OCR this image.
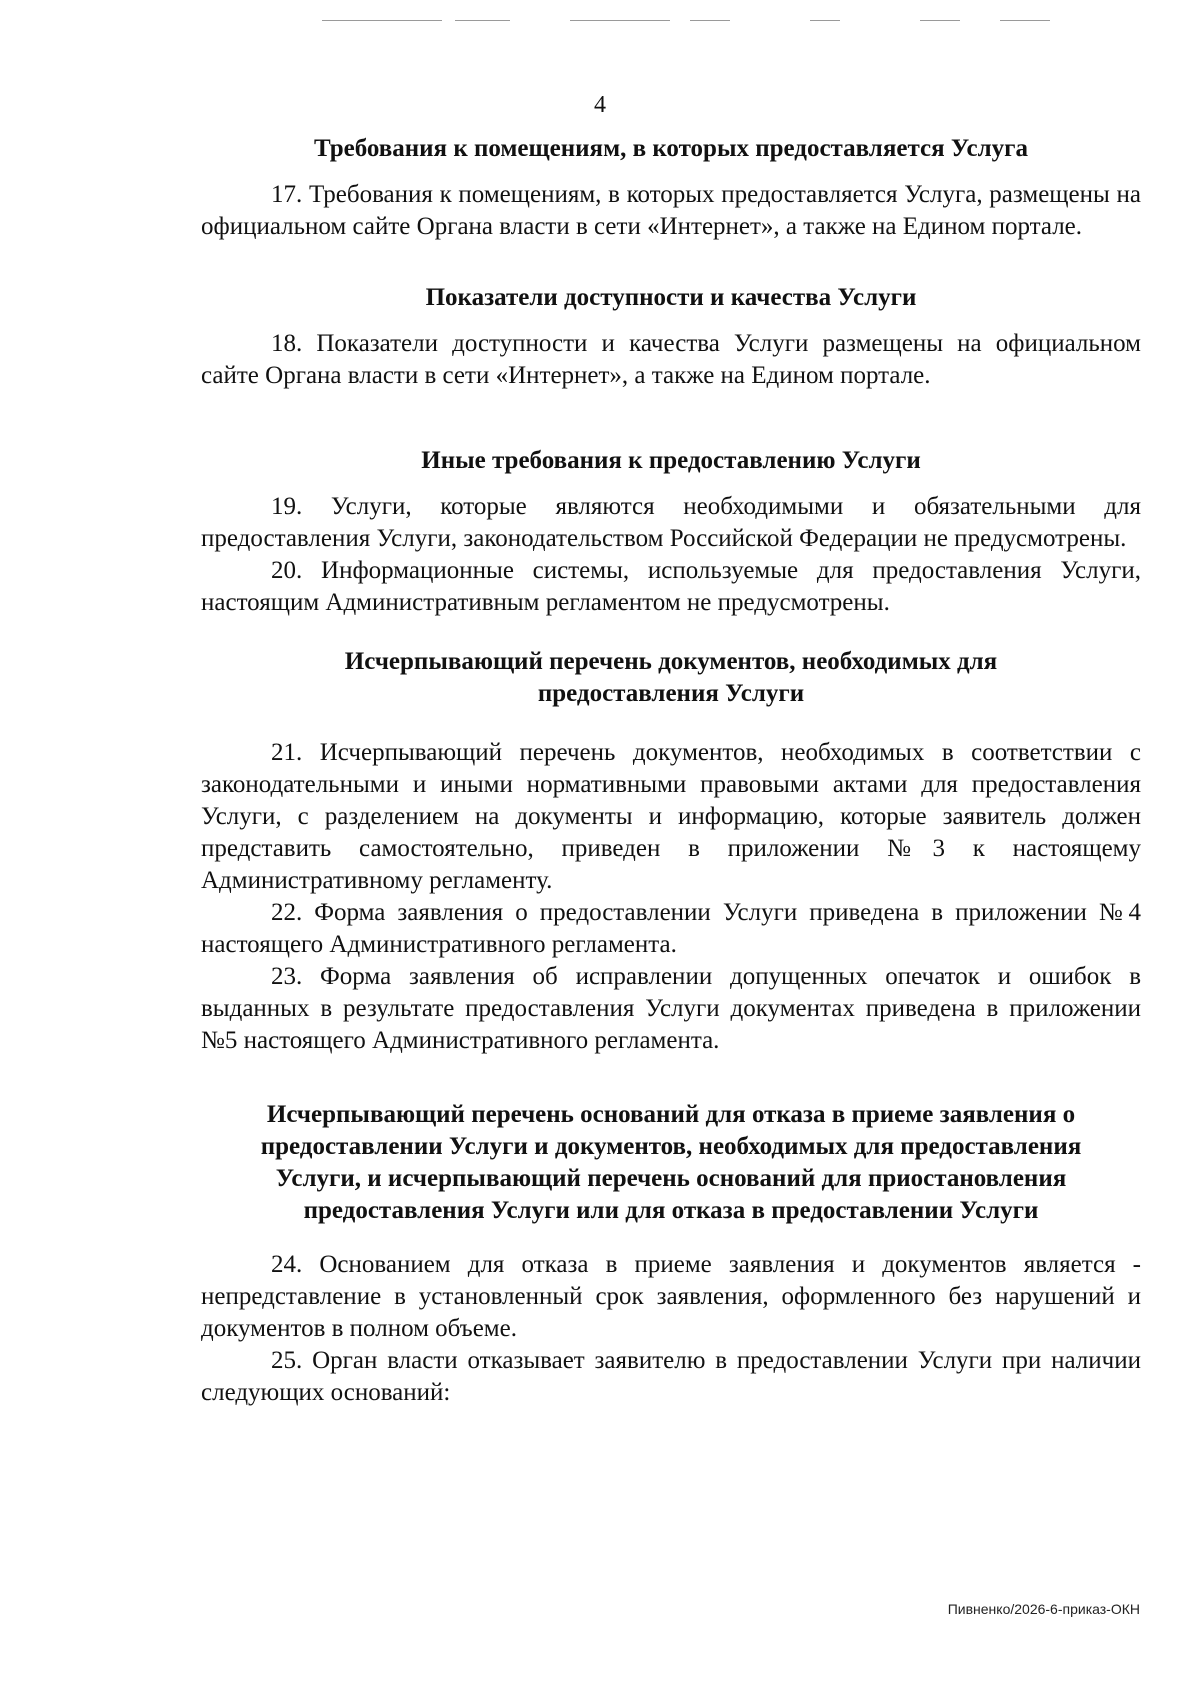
4
Требования к помещениям, в которых предоставляется Услуга

17. Требования к помещениям, в которых предоставляется Услуга, размещены на официальном сайте Органа власти в сети «Интернет», а также на Едином портале.

Показатели доступности и качества Услуги

18. Показатели доступности и качества Услуги размещены на официальном сайте Органа власти в сети «Интернет», а также на Едином портале.

Иные требования к предоставлению Услуги

19. Услуги, которые являются необходимыми и обязательными для предоставления Услуги, законодательством Российской Федерации не предусмотрены.

20. Информационные системы, используемые для предоставления Услуги, настоящим Административным регламентом не предусмотрены.

Исчерпывающий перечень документов, необходимых для
предоставления Услуги

21. Исчерпывающий перечень документов, необходимых в соответствии с законодательными и иными нормативными правовыми актами для предоставления Услуги, с разделением на документы и информацию, которые заявитель должен представить самостоятельно, приведен в приложении №3 к настоящему Административному регламенту.

22. Форма заявления о предоставлении Услуги приведена в приложении №4 настоящего Административного регламента.

23. Форма заявления об исправлении допущенных опечаток и ошибок в выданных в результате предоставления Услуги документах приведена в приложении №5 настоящего Административного регламента.

Исчерпывающий перечень оснований для отказа в приеме заявления о
предоставлении Услуги и документов, необходимых для предоставления
Услуги, и исчерпывающий перечень оснований для приостановления
предоставления Услуги или для отказа в предоставлении Услуги

24. Основанием для отказа в приеме заявления и документов является - непредставление в установленный срок заявления, оформленного без нарушений и документов в полном объеме.

25. Орган власти отказывает заявителю в предоставлении Услуги при наличии следующих оснований:

Пивненко/2026-6-приказ-ОКН
